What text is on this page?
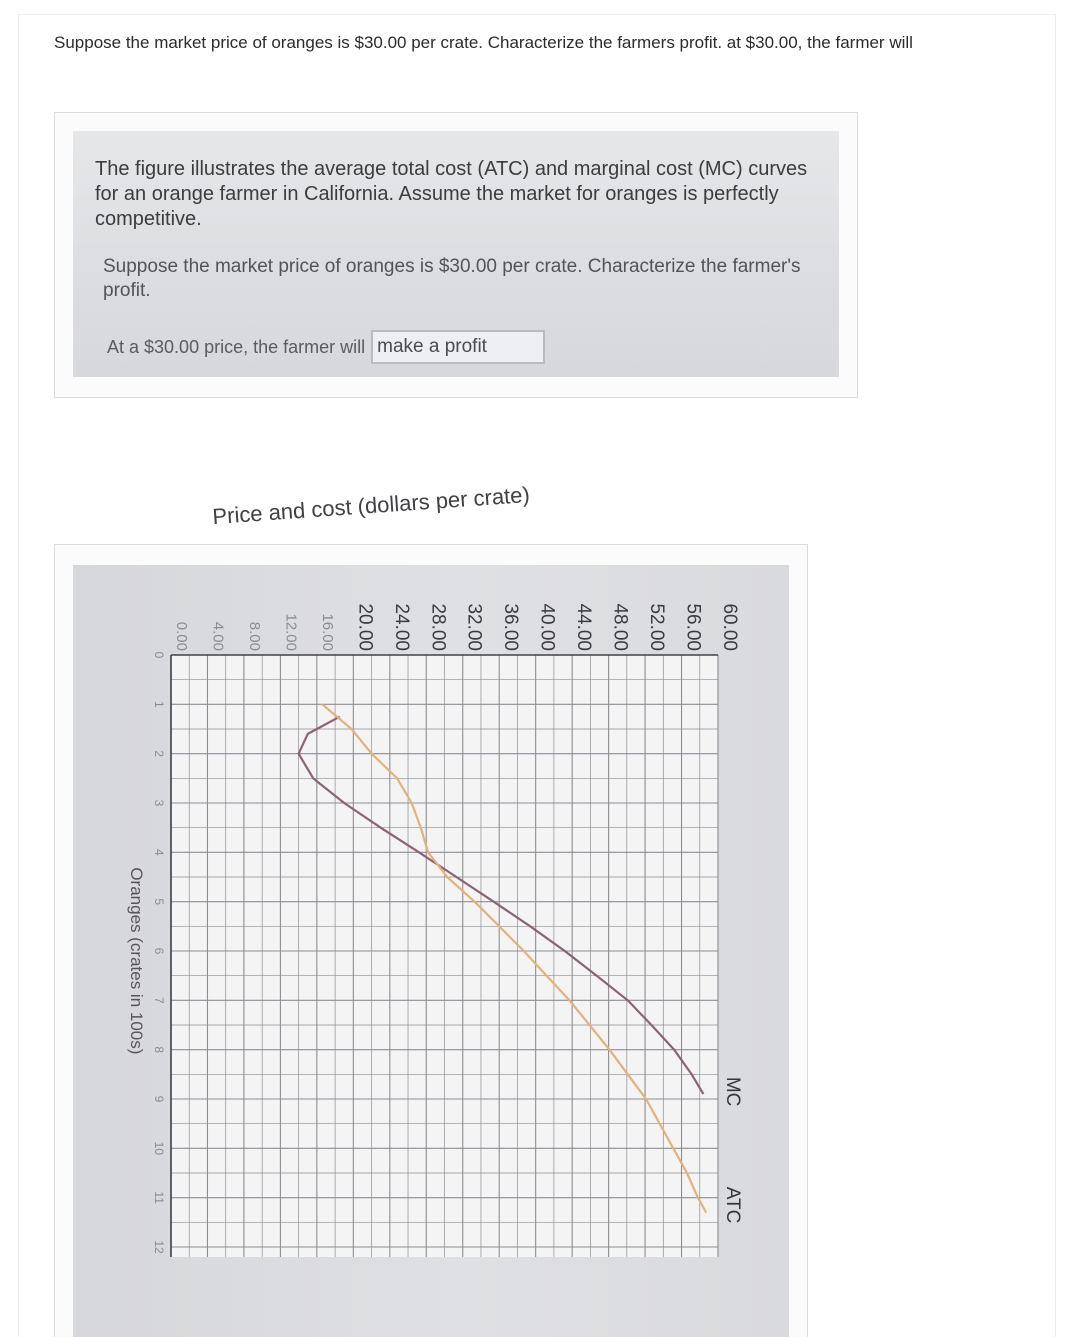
Suppose the market price of oranges is $30.00 per crate. Characterize the farmers profit. at $30.00, the farmer will
The figure illustrates the average total cost (ATC) and marginal cost (MC) curves for an orange farmer in California. Assume the market for oranges is perfectly competitive.
Suppose the market price of oranges is $30.00 per crate. Characterize the farmer's profit.
At a $30.00 price, the farmer will make a profit
0.00 4.00 8.00 12.00 16.00 20.00 24.00 28.00 32.00 36.00 40.00 44.00 48.00 52.00 56.00 60.00
0
1
2
3
4
5
6
7
8
9
10
11
12
Price and cost (dollars per crate)
Oranges (crates in 100s)
MC
ATC
